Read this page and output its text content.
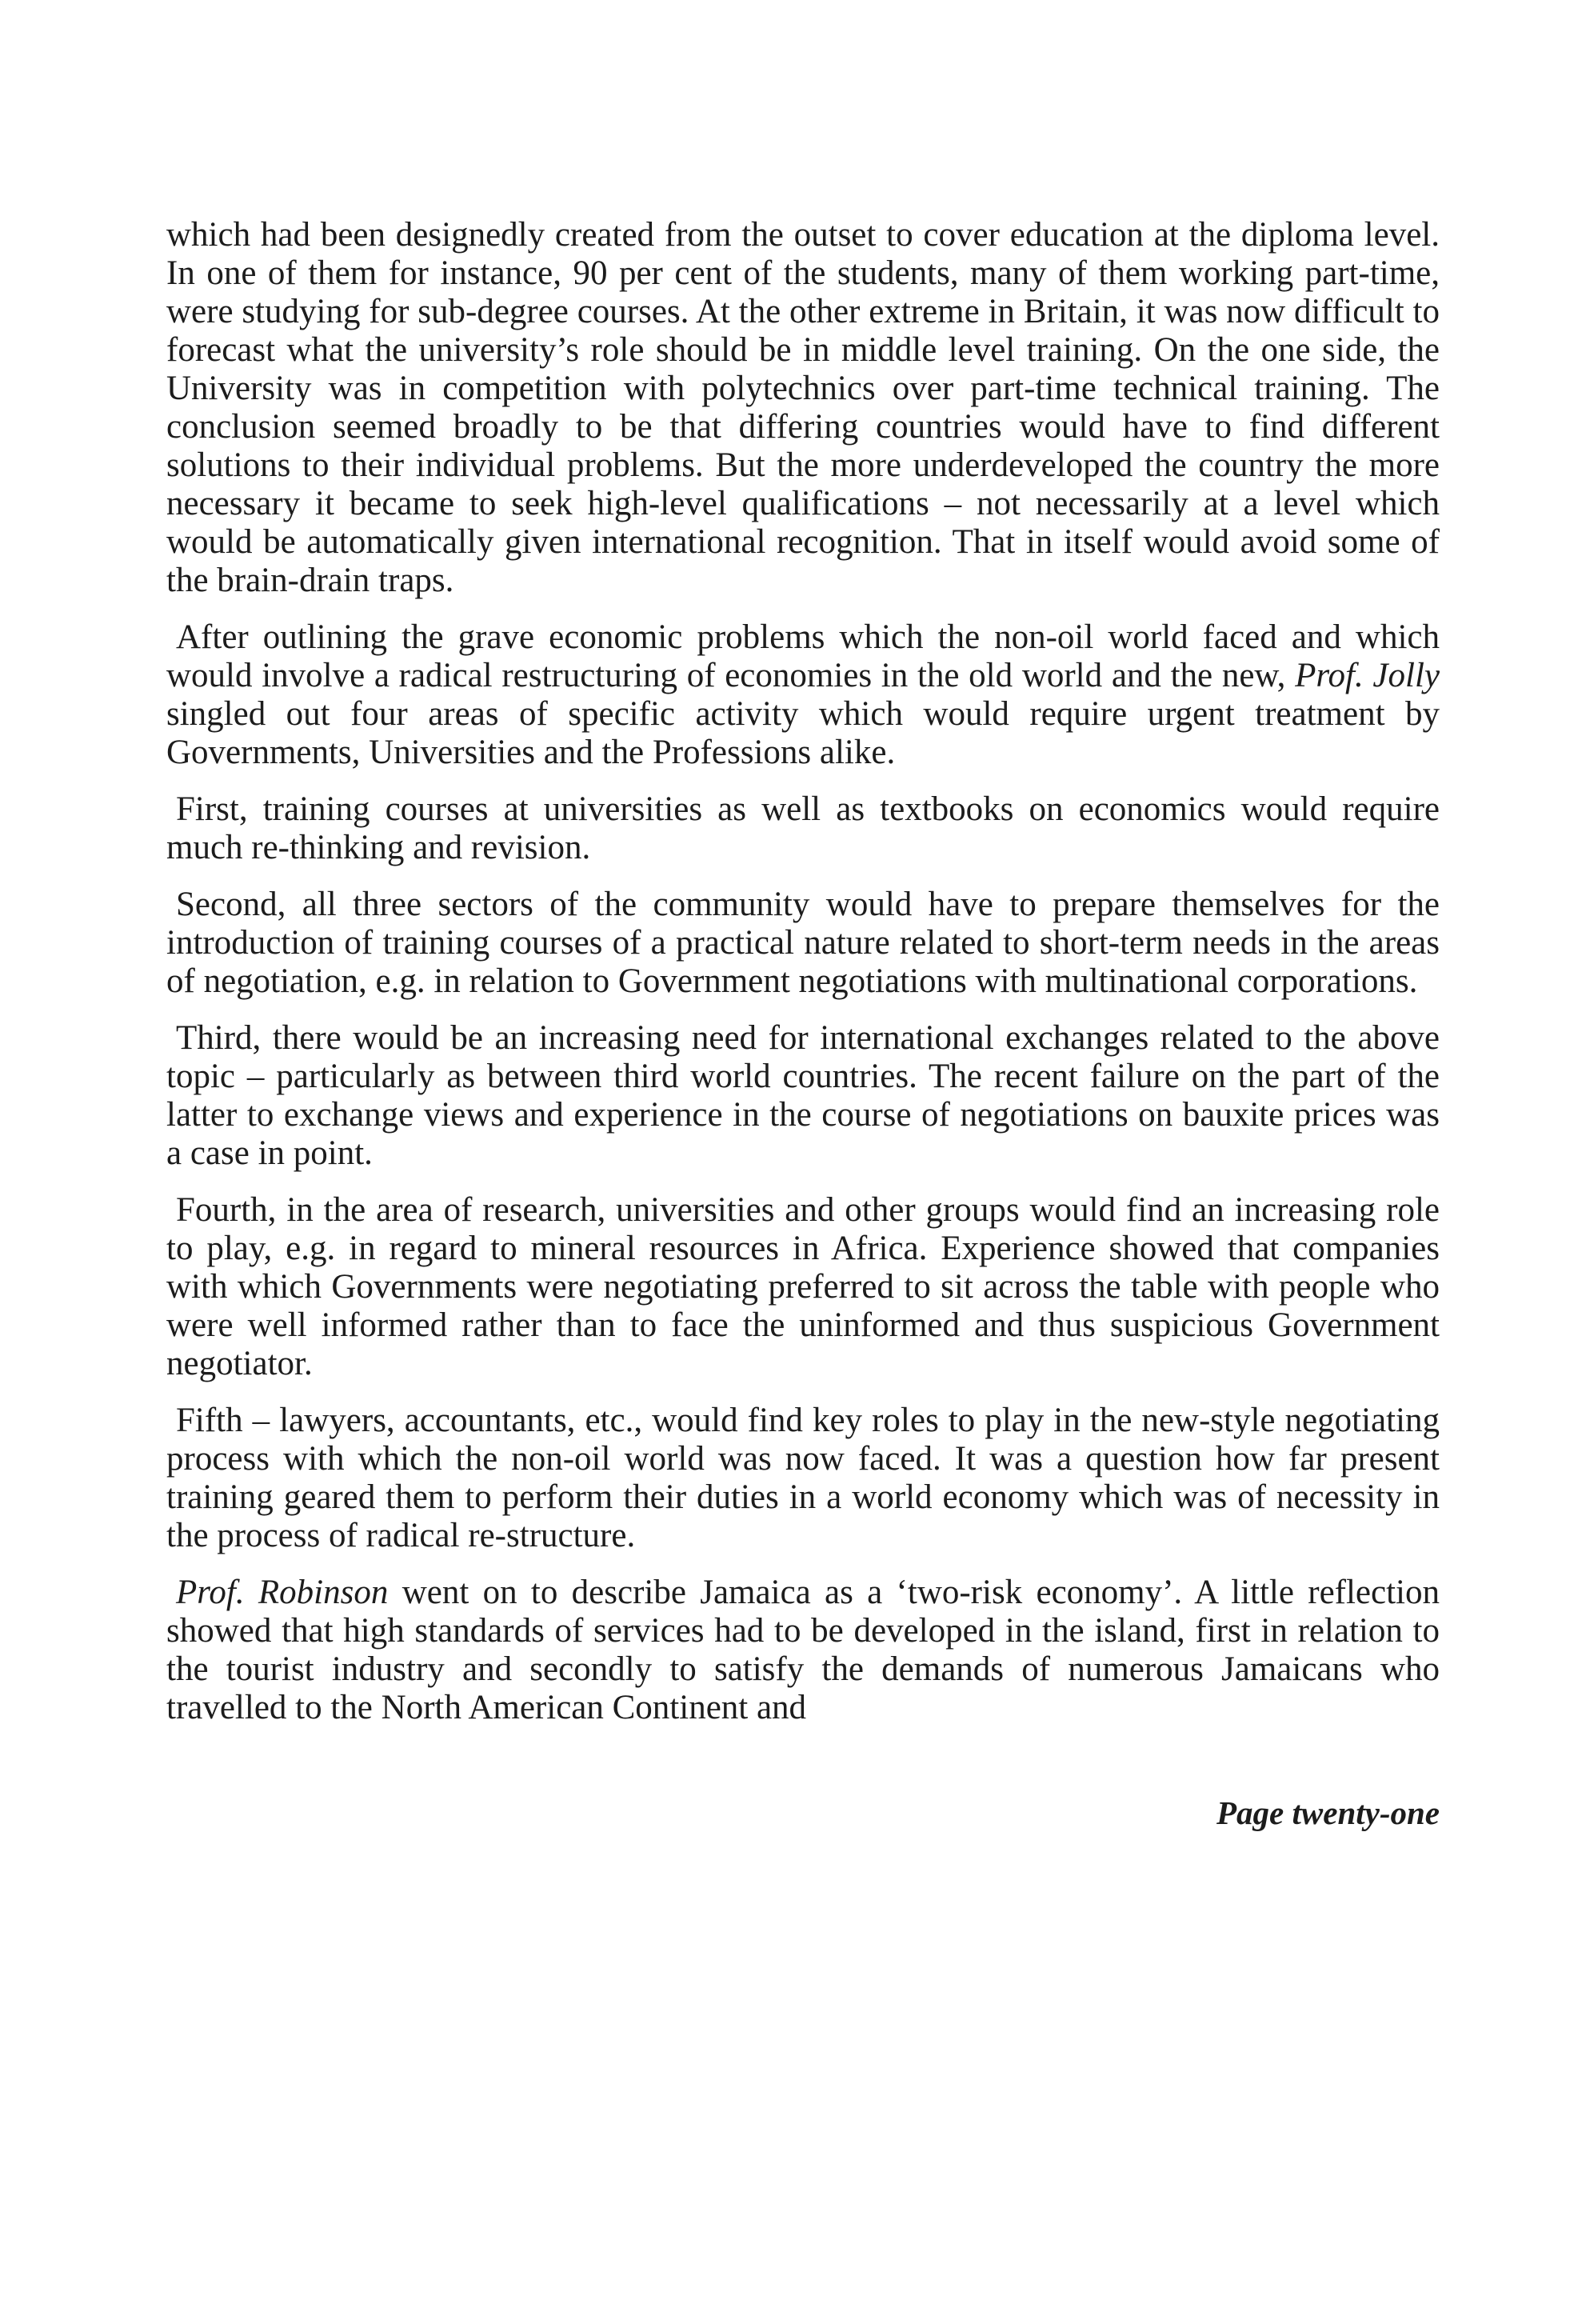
which had been designedly created from the outset to cover education at the diploma level. In one of them for instance, 90 per cent of the students, many of them working part-time, were studying for sub-degree courses. At the other extreme in Britain, it was now difficult to forecast what the university’s role should be in middle level training. On the one side, the University was in competition with polytechnics over part-time technical training. The conclusion seemed broadly to be that differing countries would have to find different solutions to their individual problems. But the more underdeveloped the country the more necessary it became to seek high-level qualifications – not necessarily at a level which would be automatically given international recognition. That in itself would avoid some of the brain-drain traps.

After outlining the grave economic problems which the non-oil world faced and which would involve a radical restructuring of economies in the old world and the new, Prof. Jolly singled out four areas of specific activity which would require urgent treatment by Governments, Universities and the Professions alike.

First, training courses at universities as well as textbooks on economics would require much re-thinking and revision.

Second, all three sectors of the community would have to prepare themselves for the introduction of training courses of a practical nature related to short-term needs in the areas of negotiation, e.g. in relation to Government negotiations with multinational corporations.

Third, there would be an increasing need for international exchanges related to the above topic – particularly as between third world countries. The recent failure on the part of the latter to exchange views and experience in the course of negotiations on bauxite prices was a case in point.

Fourth, in the area of research, universities and other groups would find an increasing role to play, e.g. in regard to mineral resources in Africa. Experience showed that companies with which Governments were negotiating preferred to sit across the table with people who were well informed rather than to face the uninformed and thus suspicious Government negotiator.

Fifth – lawyers, accountants, etc., would find key roles to play in the new-style negotiating process with which the non-oil world was now faced. It was a question how far present training geared them to perform their duties in a world economy which was of necessity in the process of radical re-structure.

Prof. Robinson went on to describe Jamaica as a ‘two-risk economy’. A little reflection showed that high standards of services had to be developed in the island, first in relation to the tourist industry and secondly to satisfy the demands of numerous Jamaicans who travelled to the North American Continent and

Page twenty-one
